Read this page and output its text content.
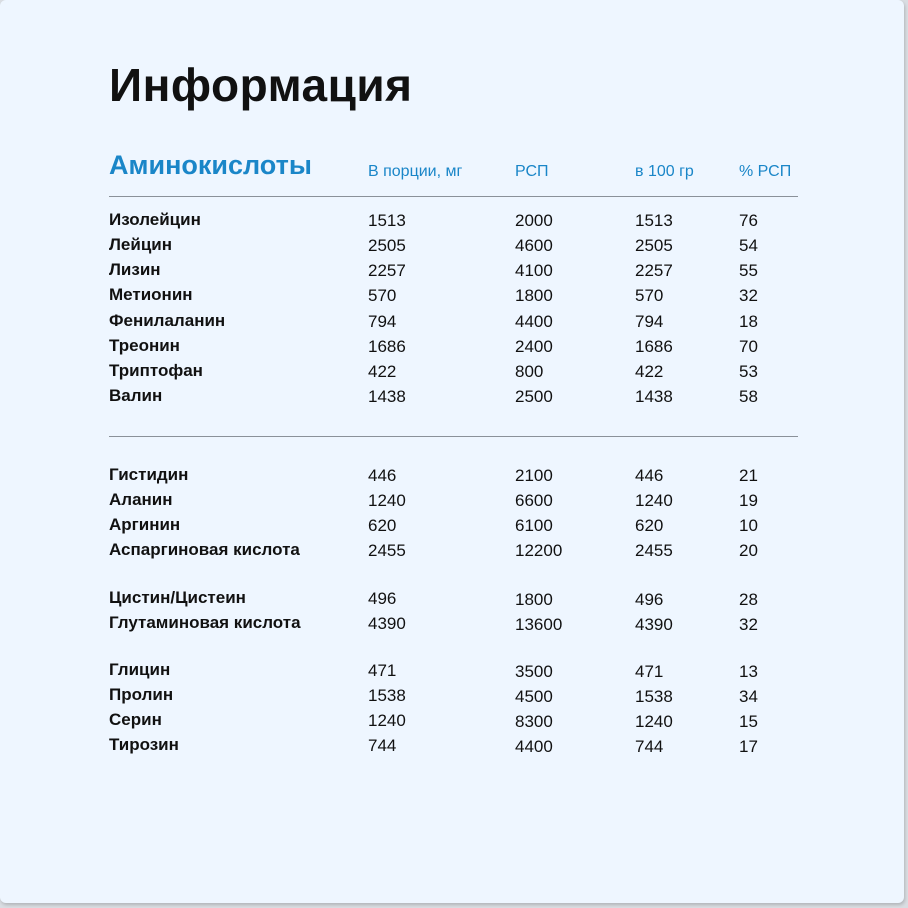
Информация
Аминокислоты	В порции, мг	РСП	в 100 гр	% РСП
Изолейцин	1513	2000	1513	76
Лейцин	2505	4600	2505	54
Лизин	2257	4100	2257	55
Метионин	570	1800	570	32
Фенилаланин	794	4400	794	18
Треонин	1686	2400	1686	70
Триптофан	422	800	422	53
Валин	1438	2500	1438	58
Гистидин	446	2100	446	21
Аланин	1240	6600	1240	19
Аргинин	620	6100	620	10
Аспаргиновая кислота	2455	12200	2455	20
Цистин/Цистеин	496	1800	496	28
Глутаминовая кислота	4390	13600	4390	32
Глицин	471	3500	471	13
Пролин	1538	4500	1538	34
Серин	1240	8300	1240	15
Тирозин	744	4400	744	17
